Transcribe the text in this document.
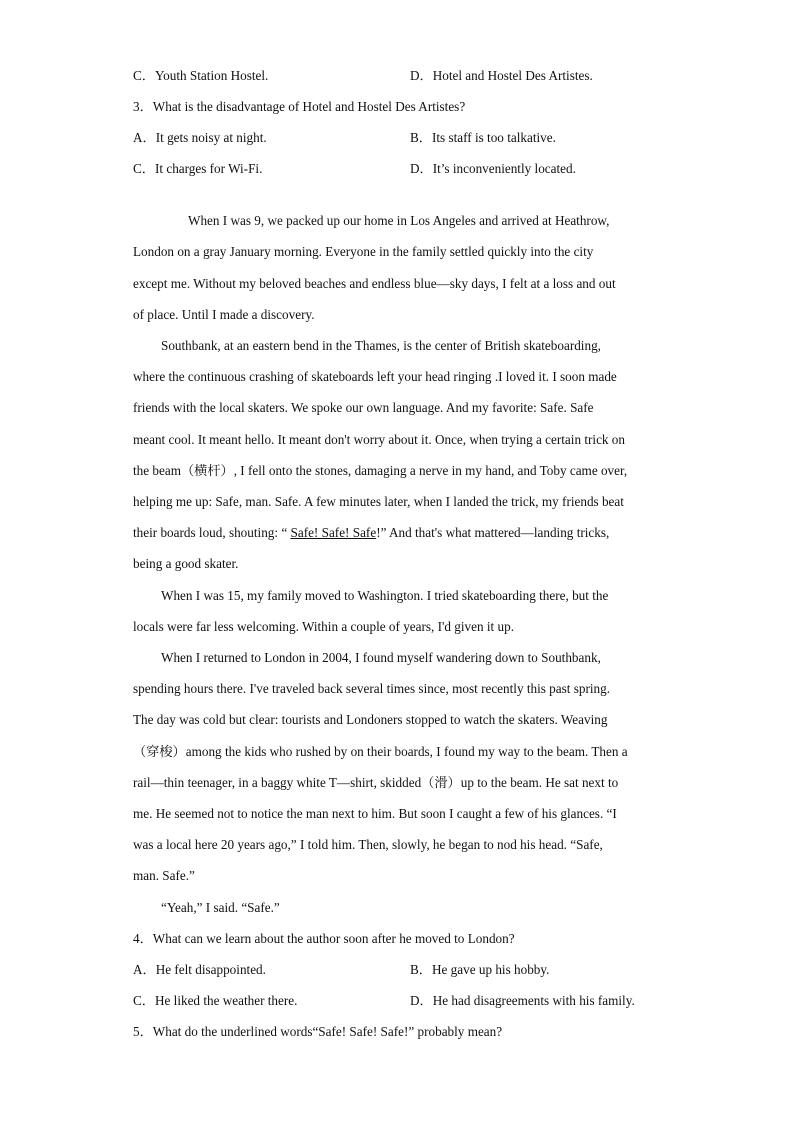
C．Youth Station Hostel.	D．Hotel and Hostel Des Artistes.
3．What is the disadvantage of Hotel and Hostel Des Artistes?
A．It gets noisy at night.	B．Its staff is too talkative.
C．It charges for Wi-Fi.	D．It’s inconveniently located.
When I was 9, we packed up our home in Los Angeles and arrived at Heathrow,
London on a gray January morning. Everyone in the family settled quickly into the city
except me. Without my beloved beaches and endless blue—sky days, I felt at a loss and out
of place. Until I made a discovery.
Southbank, at an eastern bend in the Thames, is the center of British skateboarding,
where the continuous crashing of skateboards left your head ringing .I loved it. I soon made
friends with the local skaters. We spoke our own language. And my favorite: Safe. Safe
meant cool. It meant hello. It meant don't worry about it. Once, when trying a certain trick on
the beam（横杆）, I fell onto the stones, damaging a nerve in my hand, and Toby came over,
helping me up: Safe, man. Safe. A few minutes later, when I landed the trick, my friends beat
their boards loud, shouting: “ Safe! Safe! Safe!” And that's what mattered—landing tricks,
being a good skater.
When I was 15, my family moved to Washington. I tried skateboarding there, but the
locals were far less welcoming. Within a couple of years, I'd given it up.
When I returned to London in 2004, I found myself wandering down to Southbank,
spending hours there. I've traveled back several times since, most recently this past spring.
The day was cold but clear: tourists and Londoners stopped to watch the skaters. Weaving
（穿梭）among the kids who rushed by on their boards, I found my way to the beam. Then a
rail—thin teenager, in a baggy white T—shirt, skidded（滑）up to the beam. He sat next to
me. He seemed not to notice the man next to him. But soon I caught a few of his glances. “I
was a local here 20 years ago,” I told him. Then, slowly, he began to nod his head. “Safe,
man. Safe.”
“Yeah,” I said. “Safe.”
4．What can we learn about the author soon after he moved to London?
A．He felt disappointed.	B．He gave up his hobby.
C．He liked the weather there.	D．He had disagreements with his family.
5．What do the underlined words“Safe! Safe! Safe!” probably mean?
